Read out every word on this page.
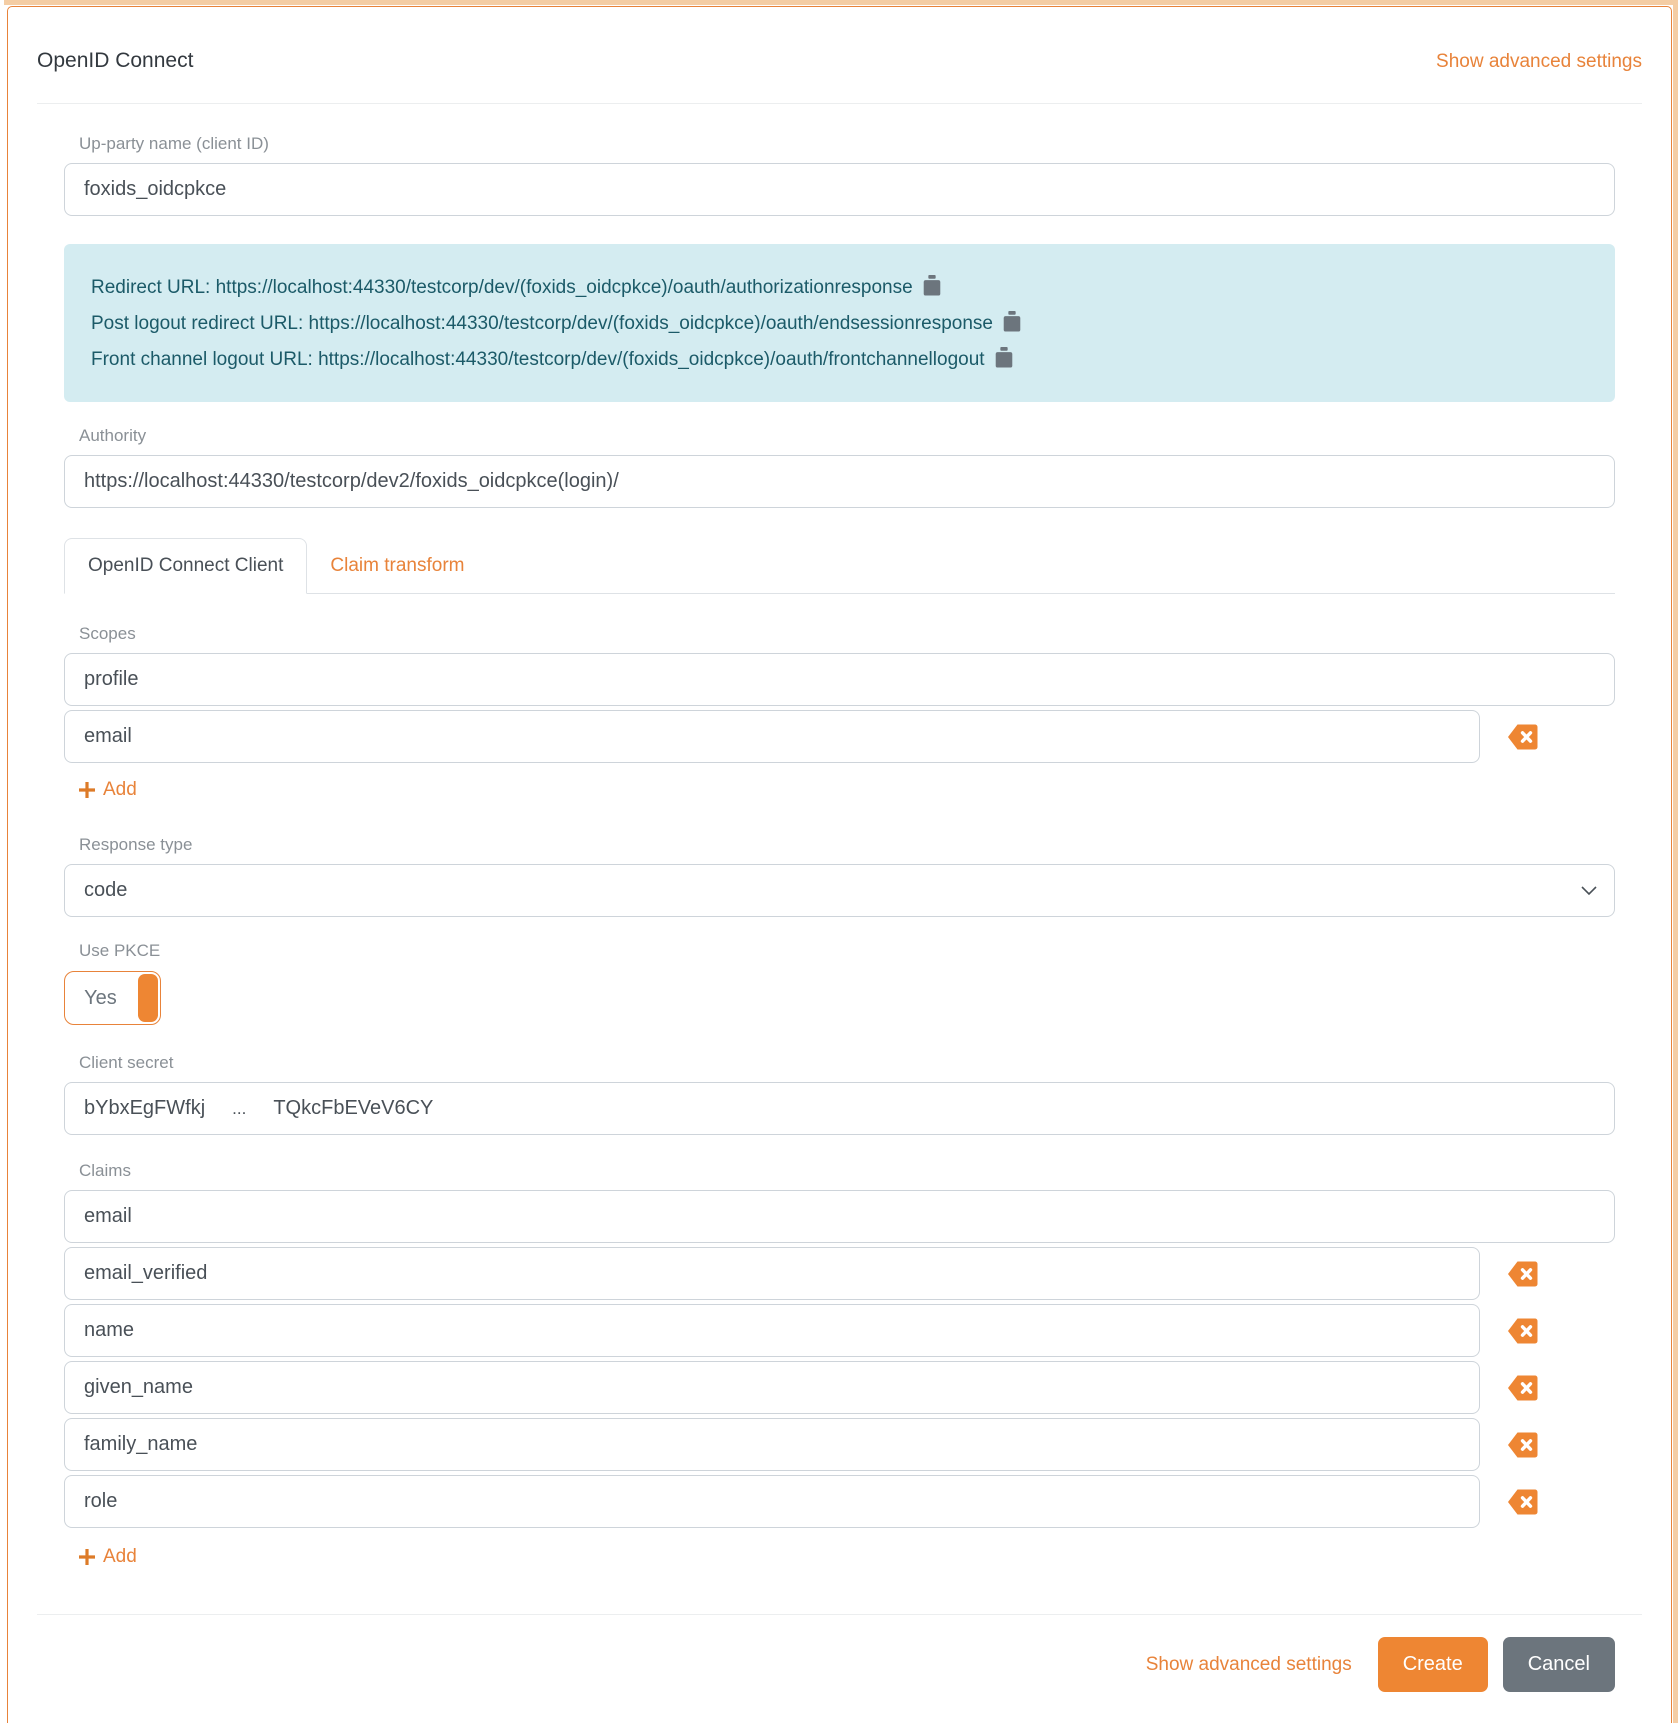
OpenID Connect	Show advanced settings
Up-party name (client ID)
foxids_oidcpkce
Redirect URL: https://localhost:44330/testcorp/dev/(foxids_oidcpkce)/oauth/authorizationresponse
Post logout redirect URL: https://localhost:44330/testcorp/dev/(foxids_oidcpkce)/oauth/endsessionresponse
Front channel logout URL: https://localhost:44330/testcorp/dev/(foxids_oidcpkce)/oauth/frontchannellogout
Authority
https://localhost:44330/testcorp/dev2/foxids_oidcpkce(login)/
OpenID Connect Client	Claim transform
Scopes
profile
email
Add
Response type
code
Use PKCE
Yes
Client secret
bYbxEgFWfkj ... TQkcFbEVeV6CY
Claims
email
email_verified
name
given_name
family_name
role
Add
Show advanced settings	Create	Cancel
